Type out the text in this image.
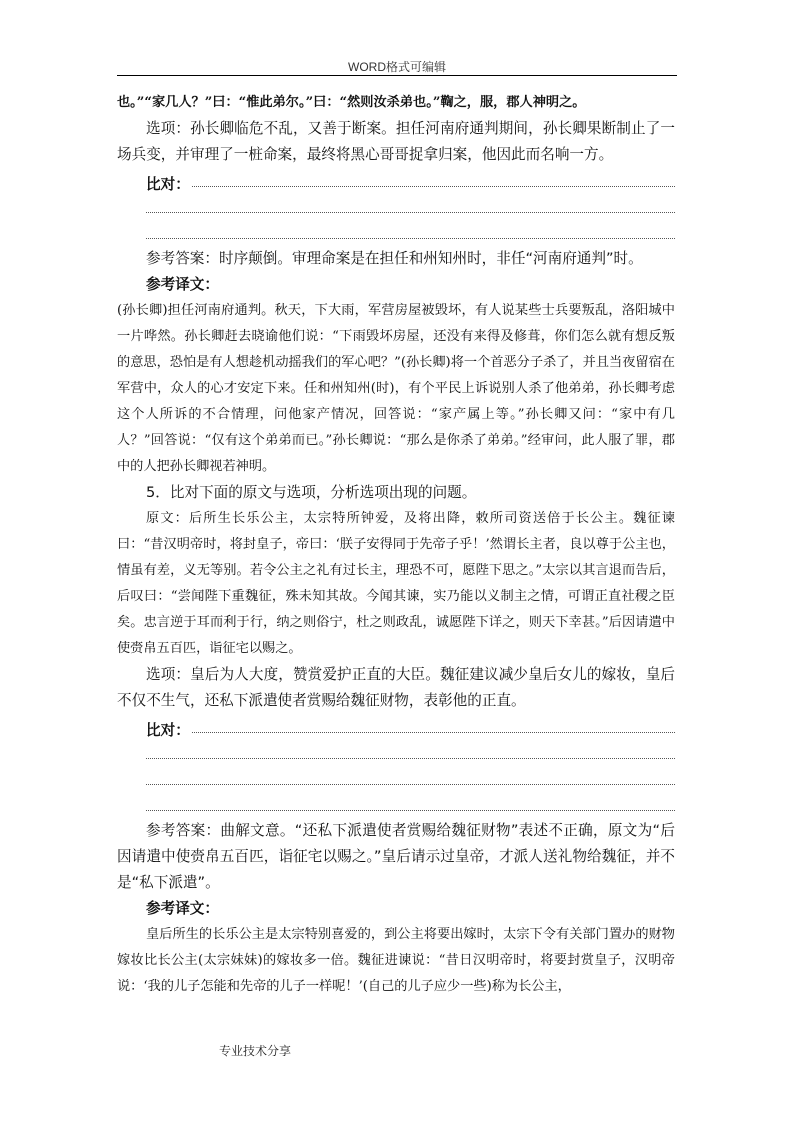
WORD格式可编辑

也。”“家几人？”曰：“惟此弟尔。”曰：“然则汝杀弟也。”鞫之，服，郡人神明之。

选项：孙长卿临危不乱，又善于断案。担任河南府通判期间，孙长卿果断制止了一场兵变，并审理了一桩命案，最终将黑心哥哥捉拿归案，他因此而名响一方。

比对：

参考答案：时序颠倒。审理命案是在担任和州知州时，非任“河南府通判”时。

参考译文：

(孙长卿)担任河南府通判。秋天，下大雨，军营房屋被毁坏，有人说某些士兵要叛乱，洛阳城中一片哗然。孙长卿赶去晓谕他们说：“下雨毁坏房屋，还没有来得及修葺，你们怎么就有想反叛的意思，恐怕是有人想趁机动摇我们的军心吧？”(孙长卿)将一个首恶分子杀了，并且当夜留宿在军营中，众人的心才安定下来。任和州知州(时)，有个平民上诉说别人杀了他弟弟，孙长卿考虑这个人所诉的不合情理，问他家产情况，回答说：“家产属上等。”孙长卿又问：“家中有几人？”回答说：“仅有这个弟弟而已。”孙长卿说：“那么是你杀了弟弟。”经审问，此人服了罪，郡中的人把孙长卿视若神明。

5．比对下面的原文与选项，分析选项出现的问题。

原文：后所生长乐公主，太宗特所钟爱，及将出降，敕所司资送倍于长公主。魏征谏曰：“昔汉明帝时，将封皇子，帝曰：‘朕子安得同于先帝子乎！’然谓长主者，良以尊于公主也，情虽有差，义无等别。若令公主之礼有过长主，理恐不可，愿陛下思之。”太宗以其言退而告后，后叹曰：“尝闻陛下重魏征，殊未知其故。今闻其谏，实乃能以义制主之情，可谓正直社稷之臣矣。忠言逆于耳而利于行，纳之则俗宁，杜之则政乱，诚愿陛下详之，则天下幸甚。”后因请遣中使赍帛五百匹，诣征宅以赐之。

选项：皇后为人大度，赞赏爱护正直的大臣。魏征建议减少皇后女儿的嫁妆，皇后不仅不生气，还私下派遣使者赏赐给魏征财物，表彰他的正直。

比对：

参考答案：曲解文意。“还私下派遣使者赏赐给魏征财物”表述不正确，原文为“后因请遣中使赍帛五百匹，诣征宅以赐之。”皇后请示过皇帝，才派人送礼物给魏征，并不是“私下派遣”。

参考译文：

皇后所生的长乐公主是太宗特别喜爱的，到公主将要出嫁时，太宗下令有关部门置办的财物嫁妆比长公主(太宗妹妹)的嫁妆多一倍。魏征进谏说：“昔日汉明帝时，将要封赏皇子，汉明帝说：‘我的儿子怎能和先帝的儿子一样呢！’(自己的儿子应少一些)称为长公主，

专业技术分享
